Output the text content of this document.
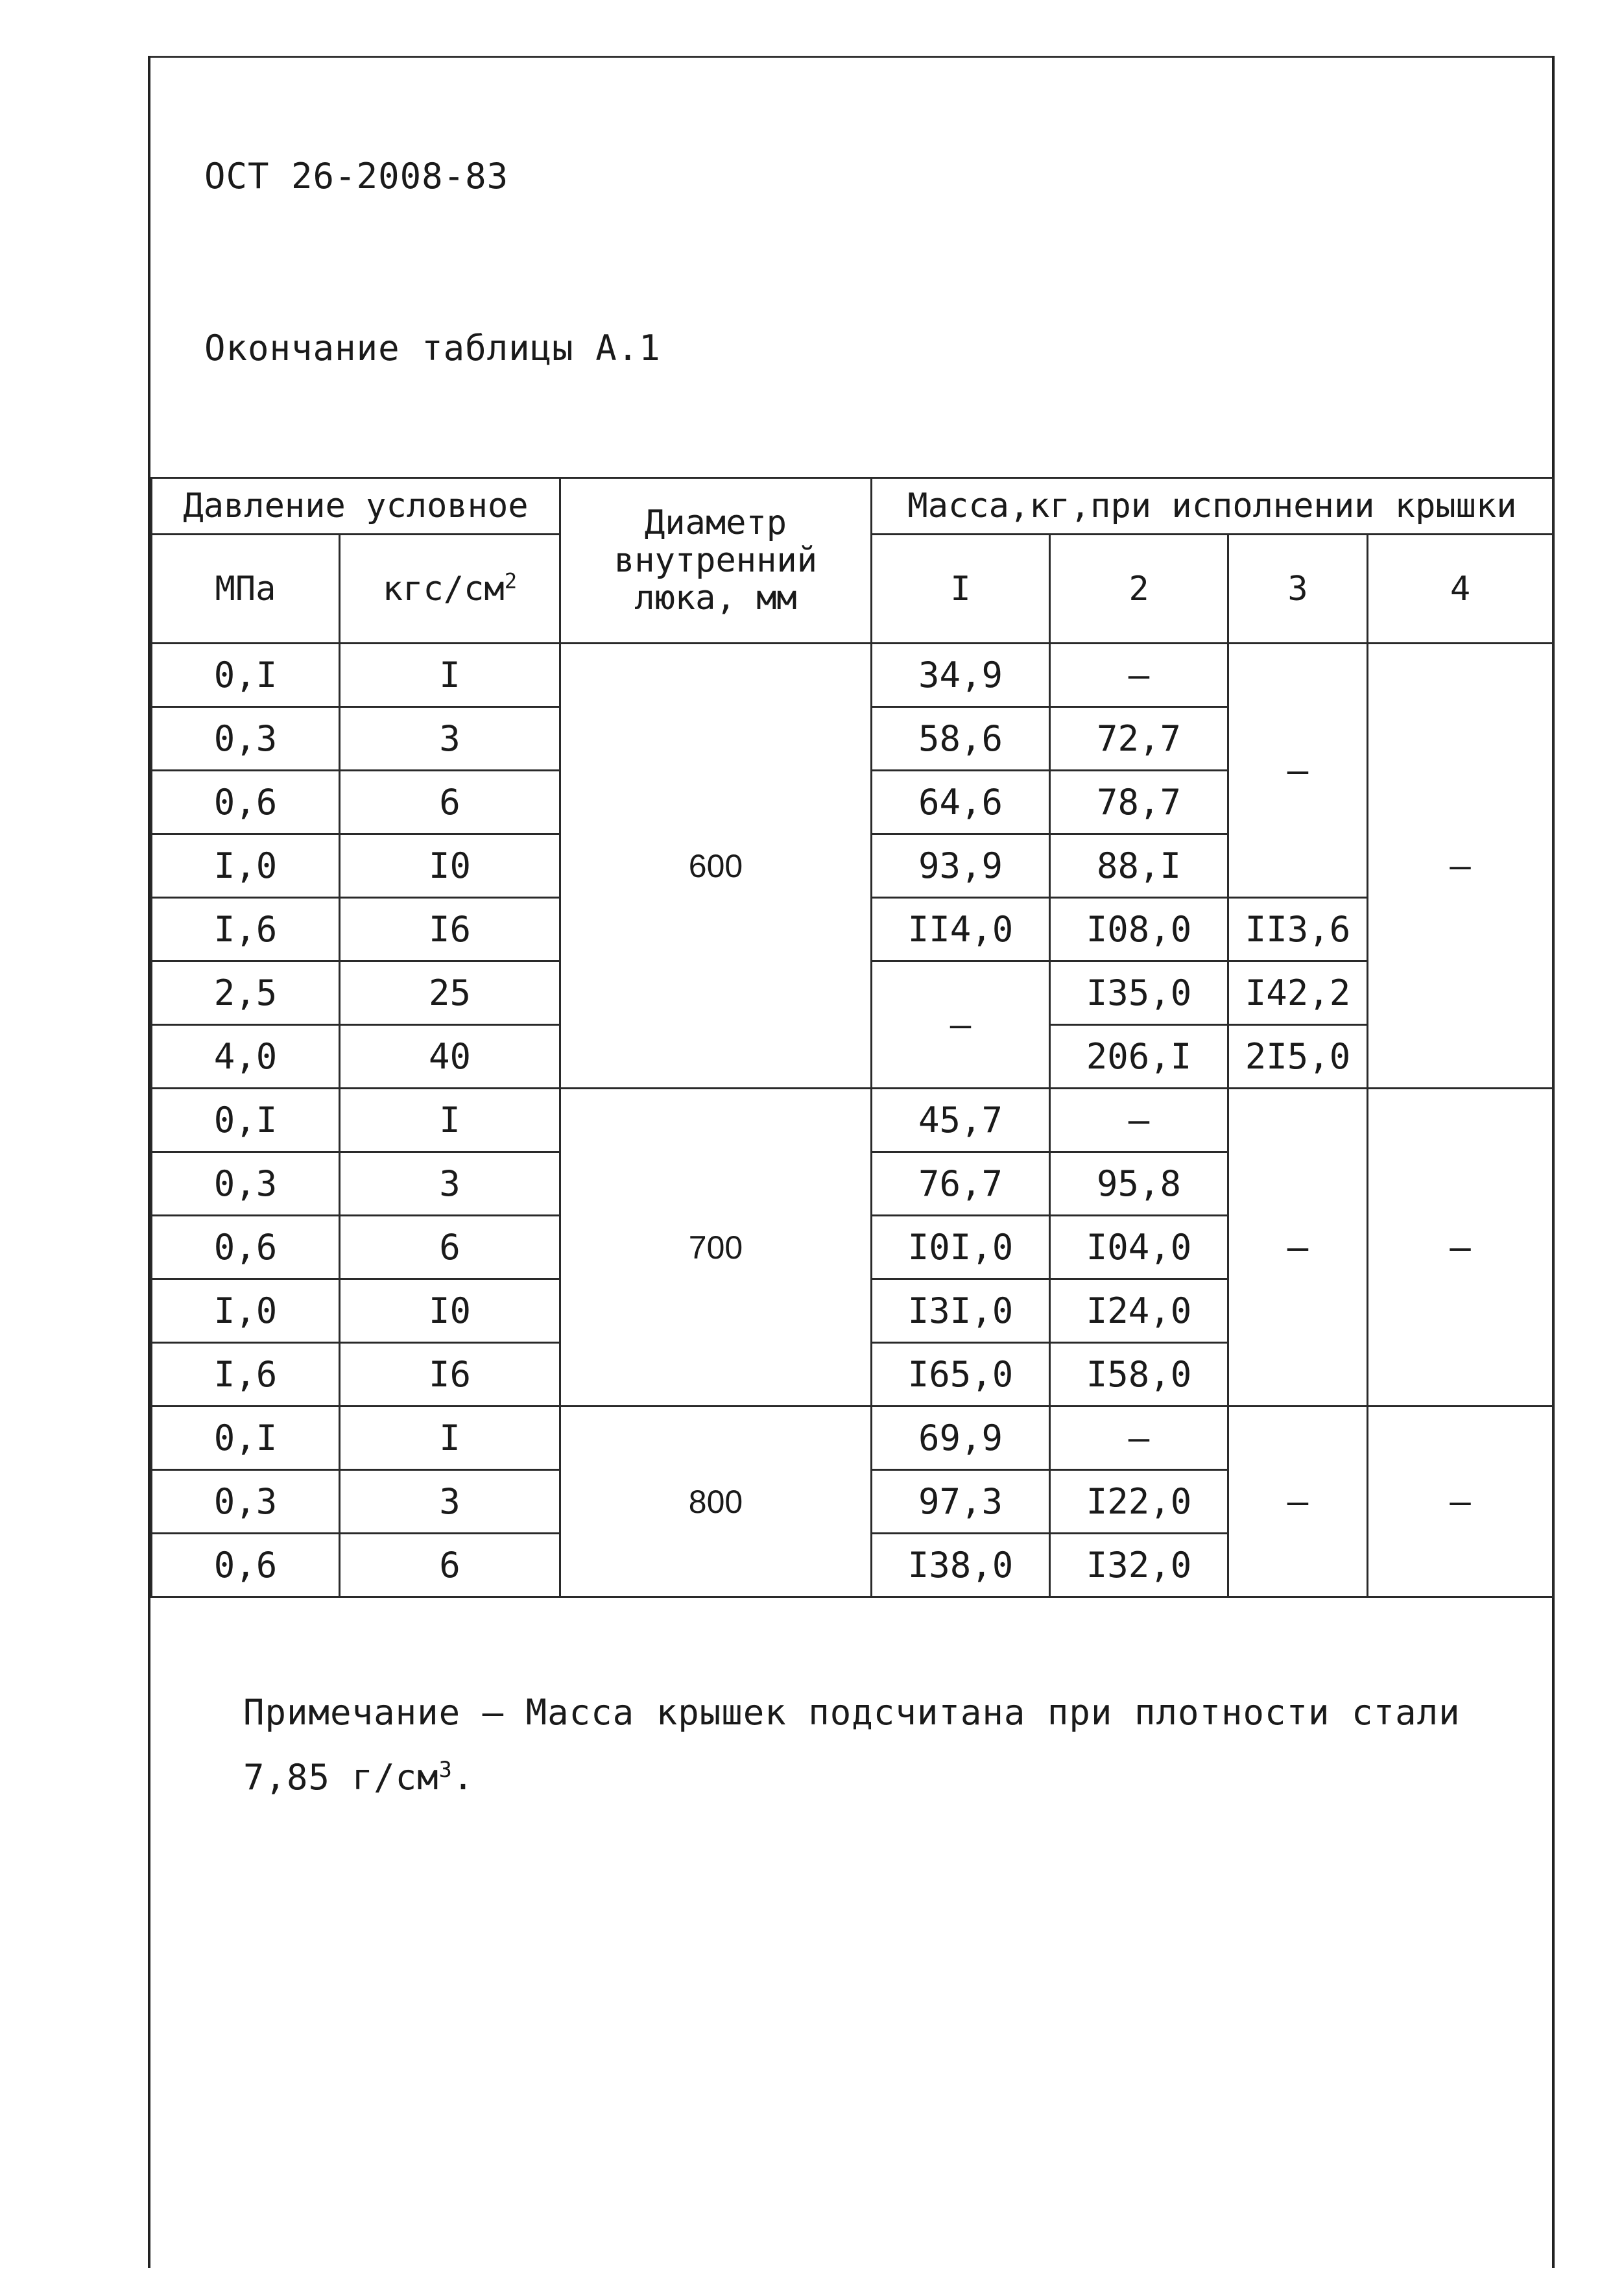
ОСТ 26-2008-83
Окончание таблицы А.1
Давление условное		Диаметр
внутренний
люка, мм	Масса,кг,при исполнении крышки			
МПа	кгс/$см^2$		I	2	3	4
0,I	I	600	34,9	–	–	–
0,3	3		58,6	72,7		
0,6	6		64,6	78,7		
I,0	I0		93,9	88,I		
I,6	I6		II4,0	I08,0	II3,6	
2,5	25		–	I35,0	I42,2	
4,0	40			206,I	2I5,0	
0,I	I	700	45,7	–	–	–
0,3	3		76,7	95,8		
0,6	6		I0I,0	I04,0		
I,0	I0		I3I,0	I24,0		
I,6	I6		I65,0	I58,0		
0,I	I	800	69,9	–	–	–
0,3	3		97,3	I22,0		
0,6	6		I38,0	I32,0		
Примечание – Масса крышек подсчитана при плотности стали
7,85 $г/см^3$.
